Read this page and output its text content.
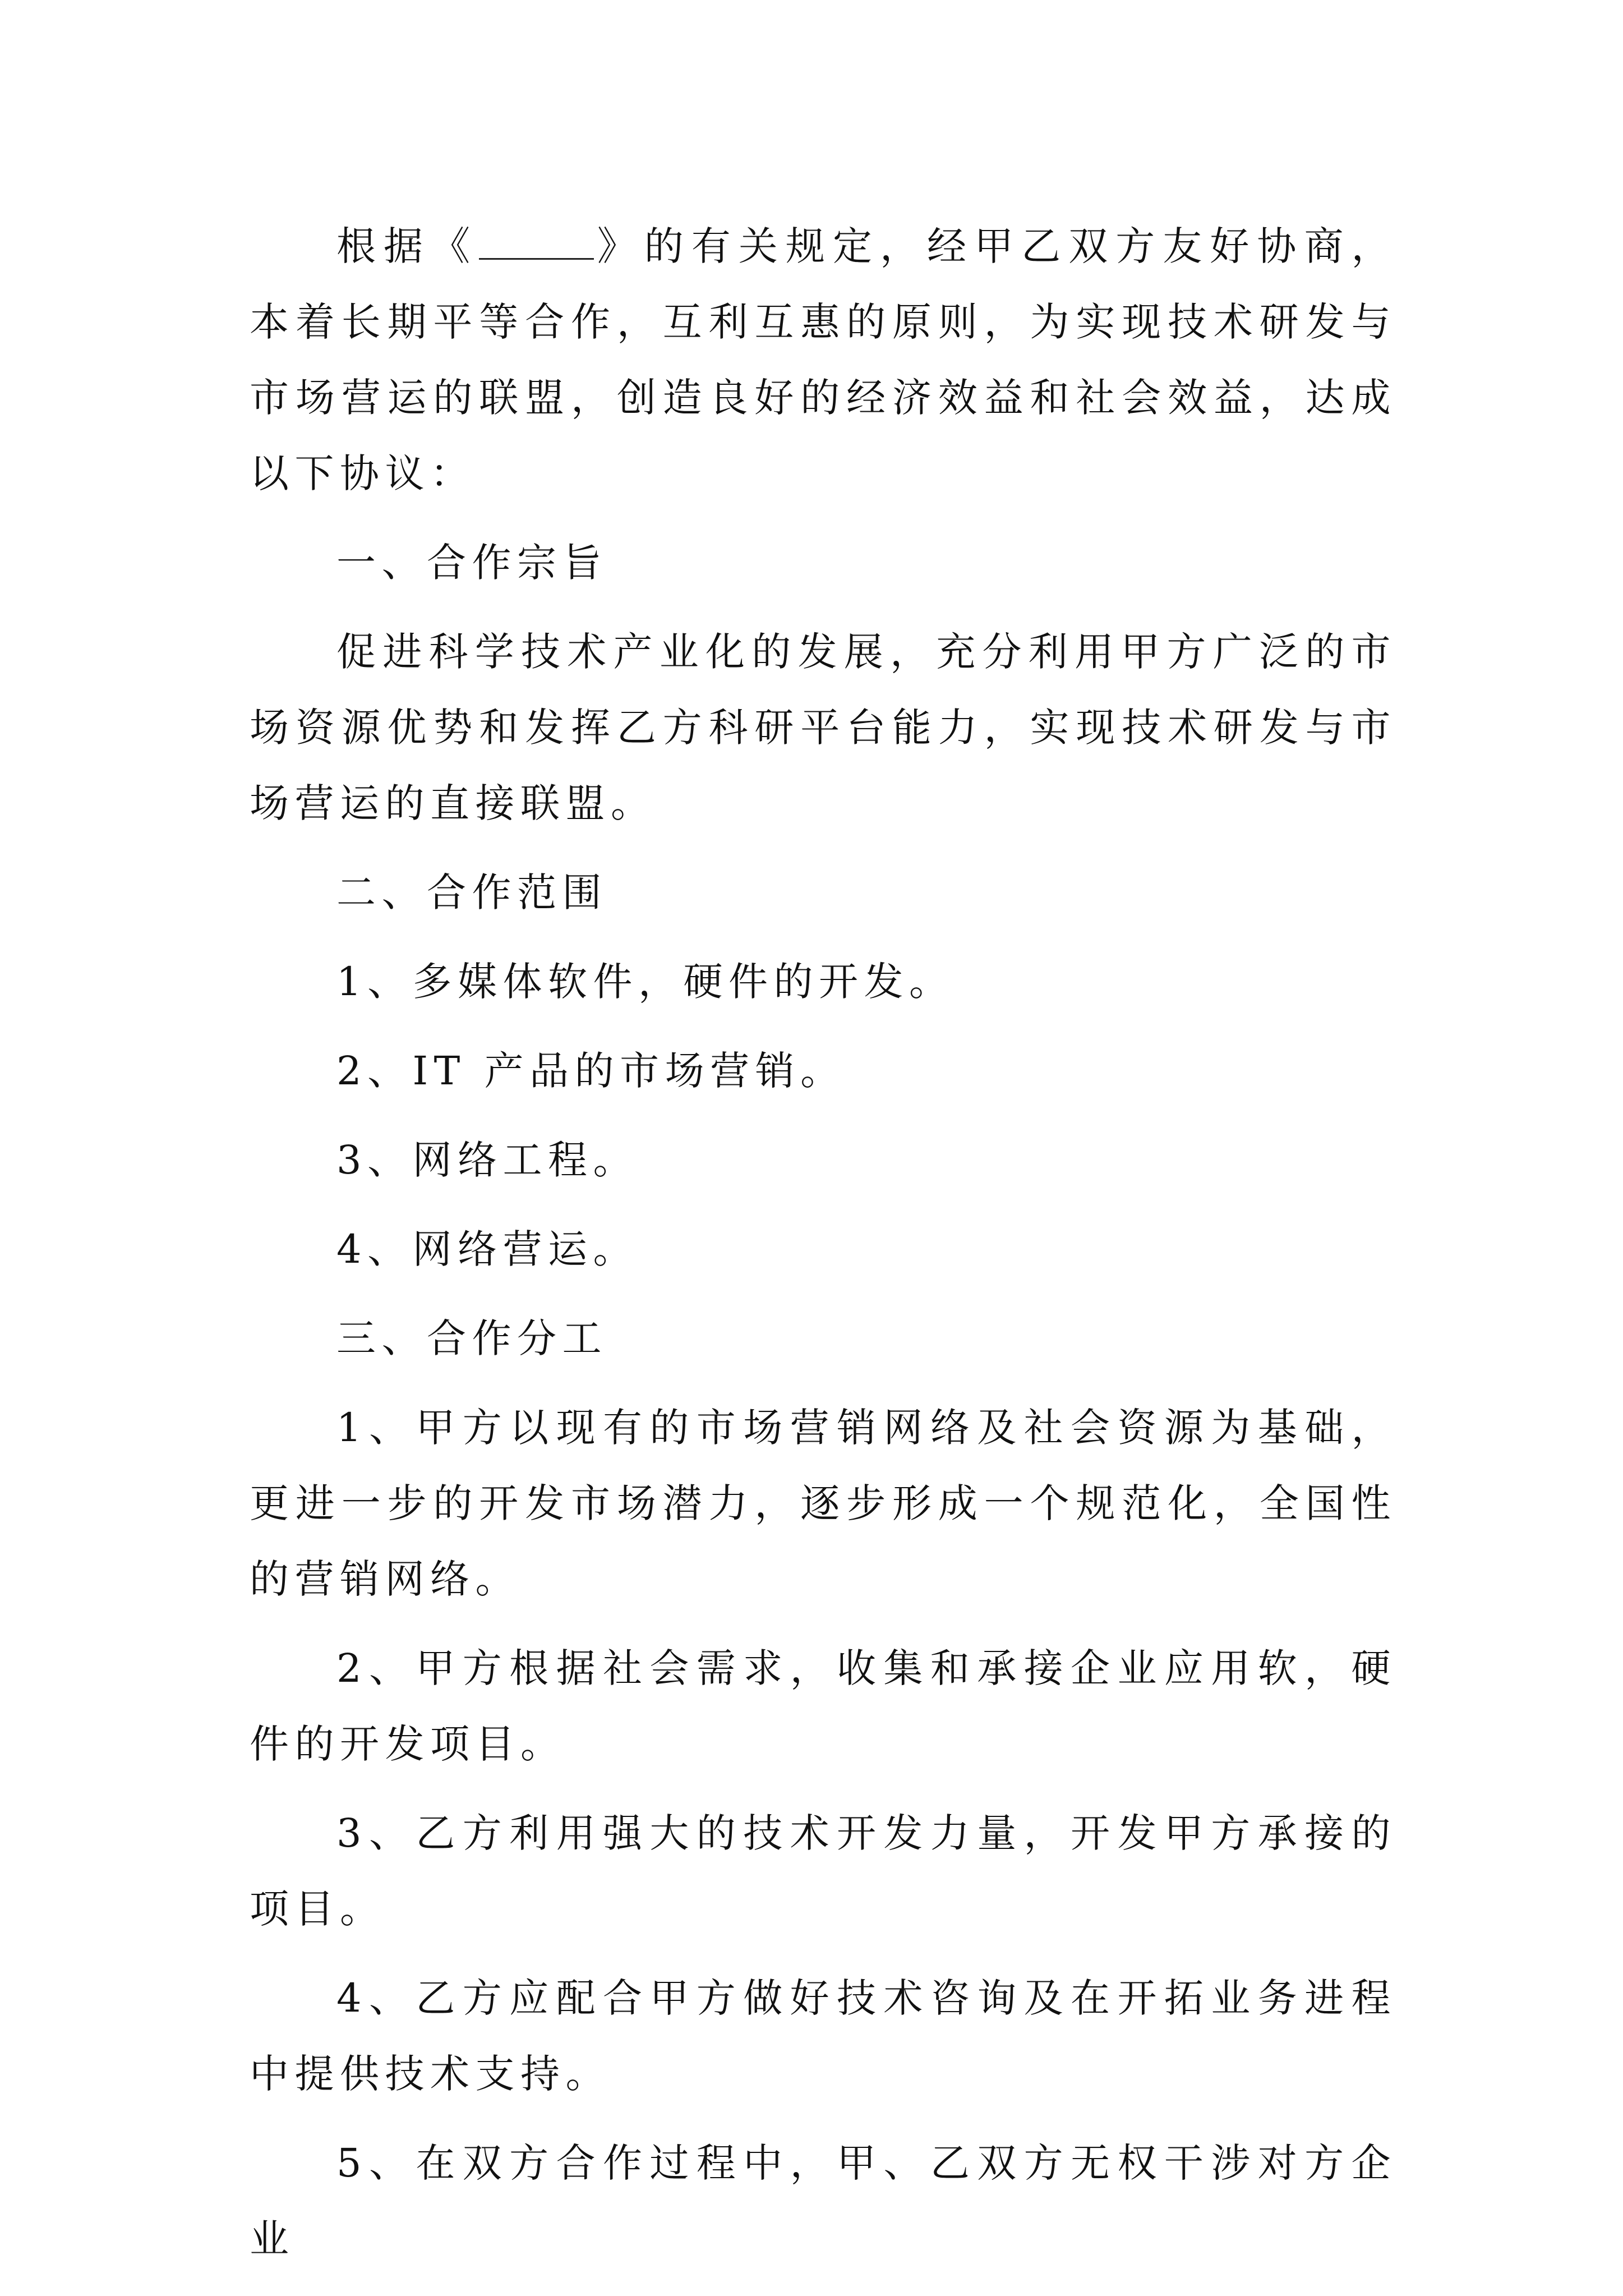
根据《	》的有关规定，经甲乙双方友好协商，本着长期平等合作，互利互惠的原则，为实现技术研发与市场营运的联盟，创造良好的经济效益和社会效益，达成以下协议：

一、合作宗旨

促进科学技术产业化的发展，充分利用甲方广泛的市场资源优势和发挥乙方科研平台能力，实现技术研发与市场营运的直接联盟。

二、合作范围

1、多媒体软件，硬件的开发。

2、IT 产品的市场营销。

3、网络工程。

4、网络营运。

三、合作分工

1、甲方以现有的市场营销网络及社会资源为基础，更进一步的开发市场潜力，逐步形成一个规范化，全国性的营销网络。

2、甲方根据社会需求，收集和承接企业应用软，硬件的开发项目。

3、乙方利用强大的技术开发力量，开发甲方承接的项目。

4、乙方应配合甲方做好技术咨询及在开拓业务进程中提供技术支持。

5、在双方合作过程中，甲、乙双方无权干涉对方企业
